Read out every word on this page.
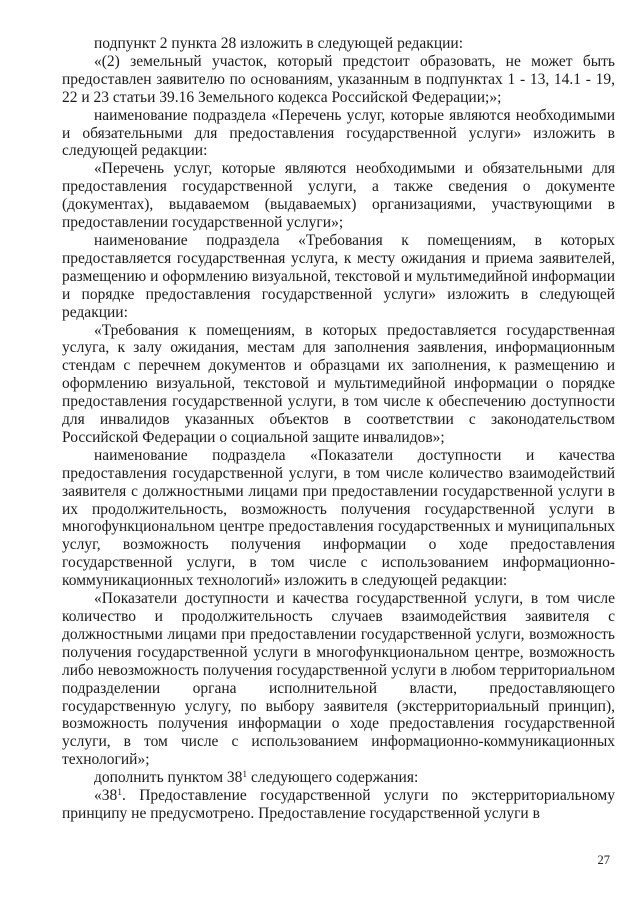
подпункт 2 пункта 28 изложить в следующей редакции:

«(2) земельный участок, который предстоит образовать, не может быть предоставлен заявителю по основаниям, указанным в подпунктах 1 - 13, 14.1 - 19, 22 и 23 статьи 39.16 Земельного кодекса Российской Федерации;»;

наименование подраздела «Перечень услуг, которые являются необходимыми и обязательными для предоставления государственной услуги» изложить в следующей редакции:

«Перечень услуг, которые являются необходимыми и обязательными для предоставления государственной услуги, а также сведения о документе (документах), выдаваемом (выдаваемых) организациями, участвующими в предоставлении государственной услуги»;

наименование подраздела «Требования к помещениям, в которых предоставляется государственная услуга, к месту ожидания и приема заявителей, размещению и оформлению визуальной, текстовой и мультимедийной информации и порядке предоставления государственной услуги» изложить в следующей редакции:

«Требования к помещениям, в которых предоставляется государственная услуга, к залу ожидания, местам для заполнения заявления, информационным стендам с перечнем документов и образцами их заполнения, к размещению и оформлению визуальной, текстовой и мультимедийной информации о порядке предоставления государственной услуги, в том числе к обеспечению доступности для инвалидов указанных объектов в соответствии с законодательством Российской Федерации о социальной защите инвалидов»;

наименование подраздела «Показатели доступности и качества предоставления государственной услуги, в том числе количество взаимодействий заявителя с должностными лицами при предоставлении государственной услуги в их продолжительность, возможность получения государственной услуги в многофункциональном центре предоставления государственных и муниципальных услуг, возможность получения информации о ходе предоставления государственной услуги, в том числе с использованием информационно-коммуникационных технологий» изложить в следующей редакции:

«Показатели доступности и качества государственной услуги, в том числе количество и продолжительность случаев взаимодействия заявителя с должностными лицами при предоставлении государственной услуги, возможность получения государственной услуги в многофункциональном центре, возможность либо невозможность получения государственной услуги в любом территориальном подразделении органа исполнительной власти, предоставляющего государственную услугу, по выбору заявителя (экстерриториальный принцип), возможность получения информации о ходе предоставления государственной услуги, в том числе с использованием информационно-коммуникационных технологий»;

дополнить пунктом $38^1$ следующего содержания:

«$38^1$. Предоставление государственной услуги по экстерриториальному принципу не предусмотрено. Предоставление государственной услуги в

27
